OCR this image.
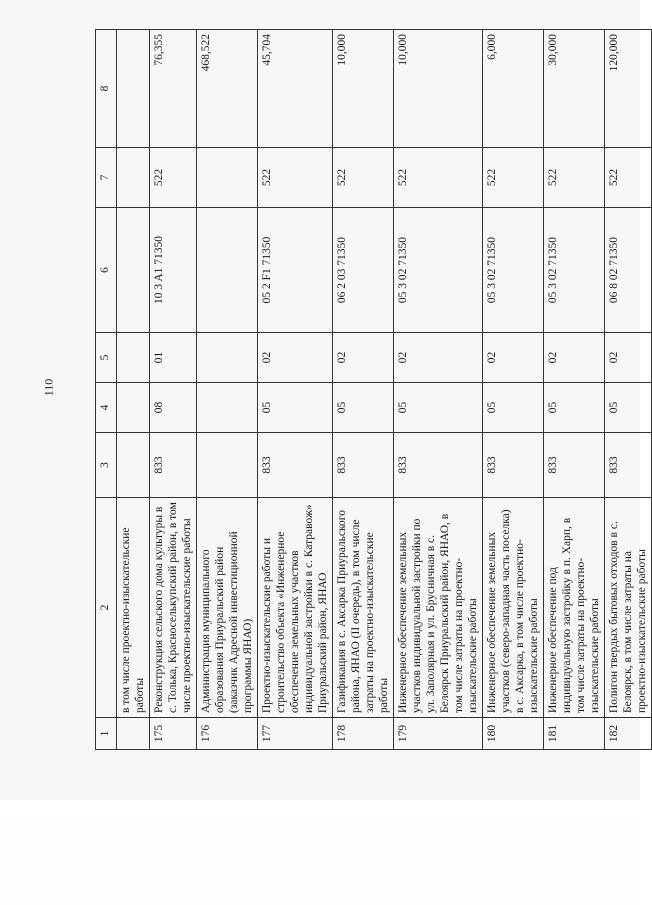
110
1	2	3	4	5	6	7	8
	в том числе проектно-изыскательские работы						
175	Реконструкция сельского дома культуры в с. Толька, Красноселькупский район, в том числе проектно-изыскательские работы	833	08	01	10 3 A1 71350	522	76,355
176	Администрация муниципального образования Приуральский район (заказчик Адресной инвестиционной программы ЯНАО)						468,522
177	Проектно-изыскательские работы и строительство объекта «Инженерное обеспечение земельных участков индивидуальной застройки в с. Катравож» Приуральский район, ЯНАО	833	05	02	05 2 F1 71350	522	45,704
178	Газификация в с. Аксарка Приуральского района, ЯНАО (II очередь), в том числе затраты на проектно-изыскательские работы	833	05	02	06 2 03 71350	522	10,000
179	Инженерное обеспечение земельных участков индивидуальной застройки по ул. Заполярная и ул. Брусничная в с. Белоярск Приуральский район, ЯНАО, в том числе затраты на проектно-изыскательские работы	833	05	02	05 3 02 71350	522	10,000
180	Инженерное обеспечение земельных участков (северо-западная часть поселка) в с. Аксарка, в том числе проектно-изыскательские работы	833	05	02	05 3 02 71350	522	6,000
181	Инженерное обеспечение под индивидуальную застройку в п. Харп, в том числе затраты на проектно-изыскательские работы	833	05	02	05 3 02 71350	522	30,000
182	Полигон твердых бытовых отходов в с. Белоярск, в том числе затраты на проектно-изыскательские работы	833	05	02	06 8 02 71350	522	120,000
